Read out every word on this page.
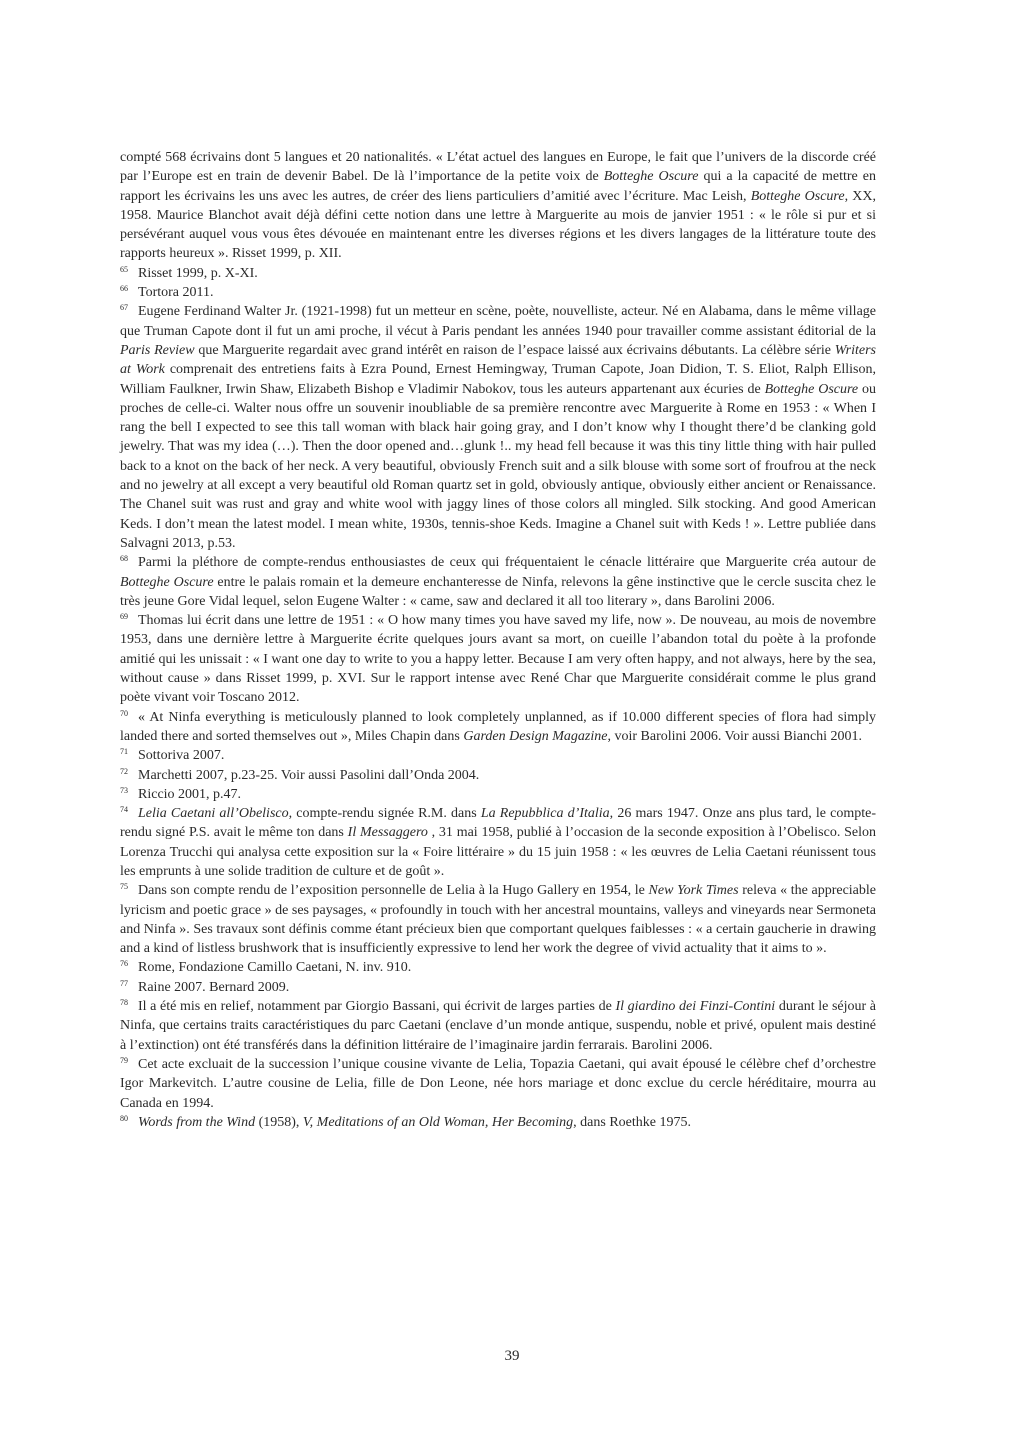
compté 568 écrivains dont 5 langues et 20 nationalités. « L’état actuel des langues en Europe, le fait que l’univers de la discorde créé par l’Europe est en train de devenir Babel. De là l’importance de la petite voix de Botteghe Oscure qui a la capacité de mettre en rapport les écrivains les uns avec les autres, de créer des liens particuliers d’amitié avec l’écriture. Mac Leish, Botteghe Oscure, XX, 1958. Maurice Blanchot avait déjà défini cette notion dans une lettre à Marguerite au mois de janvier 1951 : « le rôle si pur et si persévérant auquel vous vous êtes dévouée en maintenant entre les diverses régions et les divers langages de la littérature toute des rapports heureux ». Risset 1999, p. XII.

$^{65}$ Risset 1999, p. X-XI.

$^{66}$ Tortora 2011.

$^{67}$ Eugene Ferdinand Walter Jr. (1921-1998) fut un metteur en scène, poète, nouvelliste, acteur. Né en Alabama, dans le même village que Truman Capote dont il fut un ami proche, il vécut à Paris pendant les années 1940 pour travailler comme assistant éditorial de la Paris Review que Marguerite regardait avec grand intérêt en raison de l’espace laissé aux écrivains débutants. La célèbre série Writers at Work comprenait des entretiens faits à Ezra Pound, Ernest Hemingway, Truman Capote, Joan Didion, T. S. Eliot, Ralph Ellison, William Faulkner, Irwin Shaw, Elizabeth Bishop e Vladimir Nabokov, tous les auteurs appartenant aux écuries de Botteghe Oscure ou proches de celle-ci. Walter nous offre un souvenir inoubliable de sa première rencontre avec Marguerite à Rome en 1953 : « When I rang the bell I expected to see this tall woman with black hair going gray, and I don’t know why I thought there’d be clanking gold jewelry. That was my idea (…). Then the door opened and…glunk !.. my head fell because it was this tiny little thing with hair pulled back to a knot on the back of her neck. A very beautiful, obviously French suit and a silk blouse with some sort of froufrou at the neck and no jewelry at all except a very beautiful old Roman quartz set in gold, obviously antique, obviously either ancient or Renaissance. The Chanel suit was rust and gray and white wool with jaggy lines of those colors all mingled. Silk stocking. And good American Keds. I don’t mean the latest model. I mean white, 1930s, tennis-shoe Keds. Imagine a Chanel suit with Keds ! ». Lettre publiée dans Salvagni 2013, p.53.

$^{68}$ Parmi la pléthore de compte-rendus enthousiastes de ceux qui fréquentaient le cénacle littéraire que Marguerite créa autour de Botteghe Oscure entre le palais romain et la demeure enchanteresse de Ninfa, relevons la gêne instinctive que le cercle suscita chez le très jeune Gore Vidal lequel, selon Eugene Walter : « came, saw and declared it all too literary », dans Barolini 2006.

$^{69}$ Thomas lui écrit dans une lettre de 1951 : « O how many times you have saved my life, now ». De nouveau, au mois de novembre 1953, dans une dernière lettre à Marguerite écrite quelques jours avant sa mort, on cueille l’abandon total du poète à la profonde amitié qui les unissait : « I want one day to write to you a happy letter. Because I am very often happy, and not always, here by the sea, without cause » dans Risset 1999, p. XVI. Sur le rapport intense avec René Char que Marguerite considérait comme le plus grand poète vivant voir Toscano 2012.

$^{70}$ « At Ninfa everything is meticulously planned to look completely unplanned, as if 10.000 different species of flora had simply landed there and sorted themselves out », Miles Chapin dans Garden Design Magazine, voir Barolini 2006. Voir aussi Bianchi 2001.

$^{71}$ Sottoriva 2007.

$^{72}$ Marchetti 2007, p.23-25. Voir aussi Pasolini dall’Onda 2004.

$^{73}$ Riccio 2001, p.47.

$^{74}$ Lelia Caetani all’Obelisco, compte-rendu signée R.M. dans La Repubblica d’Italia, 26 mars 1947. Onze ans plus tard, le compte-rendu signé P.S. avait le même ton dans Il Messaggero , 31 mai 1958, publié à l’occasion de la seconde exposition à l’Obelisco. Selon Lorenza Trucchi qui analysa cette exposition sur la « Foire littéraire » du 15 juin 1958 : « les œuvres de Lelia Caetani réunissent tous les emprunts à une solide tradition de culture et de goût ».

$^{75}$ Dans son compte rendu de l’exposition personnelle de Lelia à la Hugo Gallery en 1954, le New York Times releva « the appreciable lyricism and poetic grace » de ses paysages, « profoundly in touch with her ancestral mountains, valleys and vineyards near Sermoneta and Ninfa ». Ses travaux sont définis comme étant précieux bien que comportant quelques faiblesses : « a certain gaucherie in drawing and a kind of listless brushwork that is insufficiently expressive to lend her work the degree of vivid actuality that it aims to ».

$^{76}$ Rome, Fondazione Camillo Caetani, N. inv. 910.

$^{77}$ Raine 2007. Bernard 2009.

$^{78}$ Il a été mis en relief, notamment par Giorgio Bassani, qui écrivit de larges parties de Il giardino dei Finzi-Contini durant le séjour à Ninfa, que certains traits caractéristiques du parc Caetani (enclave d’un monde antique, suspendu, noble et privé, opulent mais destiné à l’extinction) ont été transférés dans la définition littéraire de l’imaginaire jardin ferrarais. Barolini 2006.

$^{79}$ Cet acte excluait de la succession l’unique cousine vivante de Lelia, Topazia Caetani, qui avait épousé le célèbre chef d’orchestre Igor Markevitch. L’autre cousine de Lelia, fille de Don Leone, née hors mariage et donc exclue du cercle héréditaire, mourra au Canada en 1994.

$^{80}$ Words from the Wind (1958), V, Meditations of an Old Woman, Her Becoming, dans Roethke 1975.

39
